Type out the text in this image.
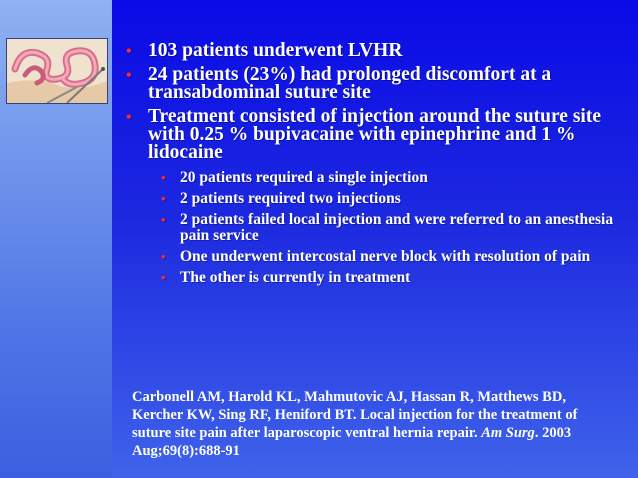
• 103 patients underwent LVHR
• 24 patients (23%) had prolonged discomfort at a transabdominal suture site
• Treatment consisted of injection around the suture site with 0.25 % bupivacaine with epinephrine and 1 % lidocaine
• 20 patients required a single injection
• 2 patients required two injections
• 2 patients failed local injection and were referred to an anesthesia pain service
• One underwent intercostal nerve block with resolution of pain
• The other is currently in treatment
Carbonell AM, Harold KL, Mahmutovic AJ, Hassan R, Matthews BD, Kercher KW, Sing RF, Heniford BT. Local injection for the treatment of suture site pain after laparoscopic ventral hernia repair. Am Surg. 2003 Aug;69(8):688-91
